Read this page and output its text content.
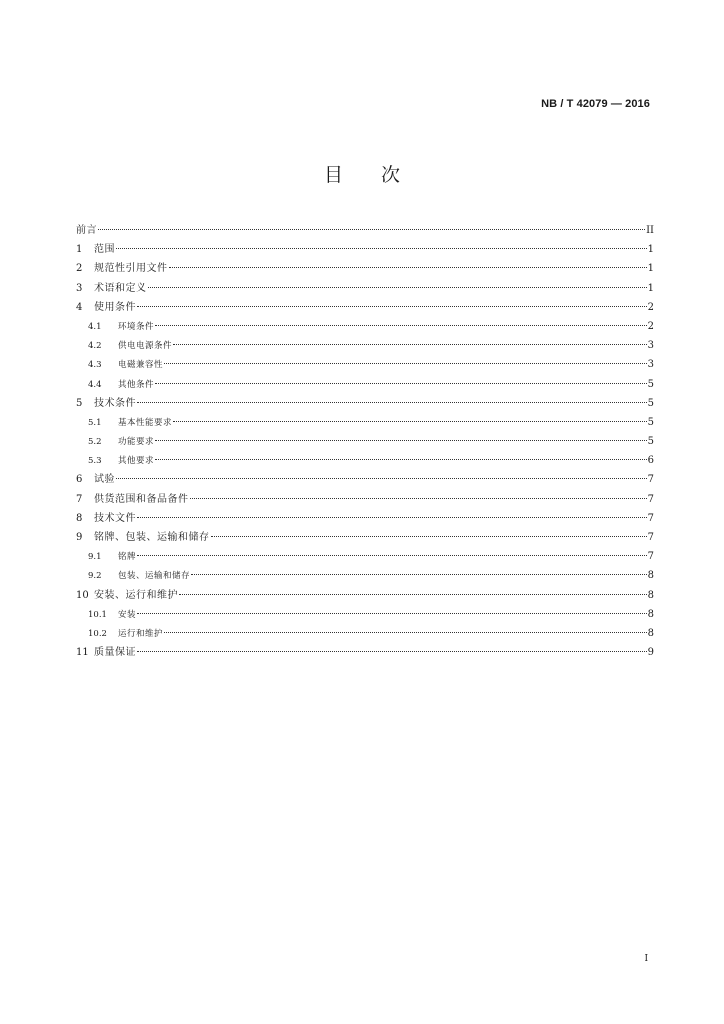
NB / T 42079 — 2016
目次
前言	II
1	范围	1
2	规范性引用文件	1
3	术语和定义	1
4	使用条件	2
4.1	环境条件	2
4.2	供电电源条件	3
4.3	电磁兼容性	3
4.4	其他条件	5
5	技术条件	5
5.1	基本性能要求	5
5.2	功能要求	5
5.3	其他要求	6
6	试验	7
7	供货范围和备品备件	7
8	技术文件	7
9	铭牌、包装、运输和储存	7
9.1	铭牌	7
9.2	包装、运输和储存	8
10 安装、运行和维护	8
10.1	安装	8
10.2	运行和维护	8
11 质量保证	9
I
